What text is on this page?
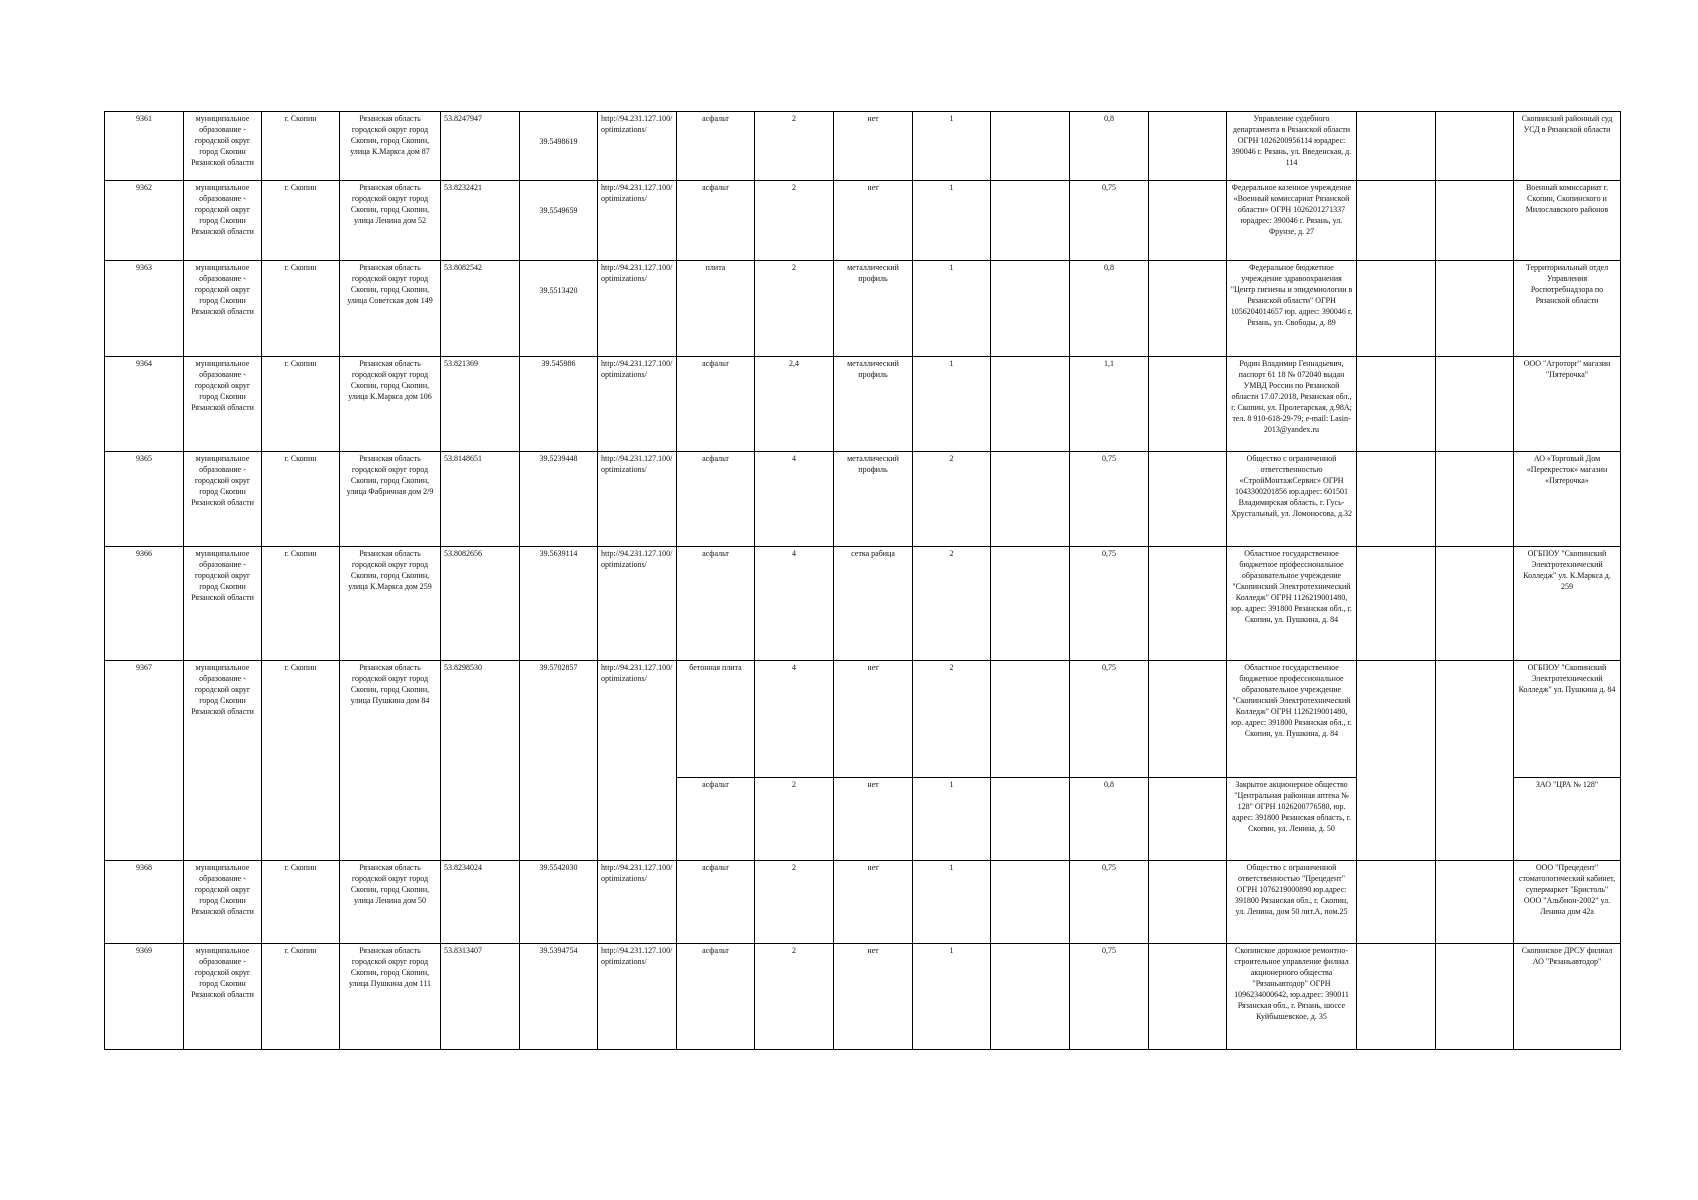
9361	муниципальное образование - городской округ город Скопин Рязанской области	г. Скопин	Рязанская область городской округ город Скопин, город Скопин, улица К.Маркса дом 87	53.8247947	39.5498619	http://94.231.127.100/optimizations/	асфальт	2	нет	1		0,8		Управление судебного департамента в Рязанской области ОГРН 1026200956114 юрадрес: 390046 г. Рязань, ул. Введенская, д. 114			Скопинский районный суд УСД в Рязанской области
9362	муниципальное образование - городской округ город Скопин Рязанской области	г. Скопин	Рязанская область городской округ город Скопин, город Скопин, улица Ленина дом 52	53.8232421	39.5549659	http://94.231.127.100/optimizations/	асфальт	2	нет	1		0,75		Федеральное казенное учреждение «Военный комиссариат Рязанской области» ОГРН 1026201271337 юрадрес: 390046 г. Рязань, ул. Фрунзе, д. 27			Военный комиссариат г. Скопин, Скопинского и Милославского районов
9363	муниципальное образование - городской округ город Скопин Рязанской области	г. Скопин	Рязанская область городской округ город Скопин, город Скопин, улица Советская дом 149	53.8082542	39.5513420	http://94.231.127.100/optimizations/	плита	2	металлический профиль	1		0,8		Федеральное бюджетное учреждение здравоохранения "Центр гигиены и эпидемиологии в Рязанской области" ОГРН 1056204014657 юр. адрес: 390046 г. Рязань, ул. Свободы, д. 89			Территориальный отдел Управления Роспотребнадзора по Рязанской области
9364	муниципальное образование - городской округ город Скопин Рязанской области	г. Скопин	Рязанская область городской округ город Скопин, город Скопин, улица К.Маркса дом 106	53.821369	39.545986	http://94.231.127.100/optimizations/	асфальт	2,4	металлический профиль	1		1,1		Родин Владимир Геннадьевич, паспорт 61 18 № 072040 выдан УМВД России по Рязанской области 17.07.2018, Рязанская обл., г. Скопин, ул. Пролетарская, д.98А; тел. 8 910-618-29-79; e-mail: Lasin-2013@yandex.ru			ООО "Агроторг" магазин "Пятерочка"
9365	муниципальное образование - городской округ город Скопин Рязанской области	г. Скопин	Рязанская область городской округ город Скопин, город Скопин, улица Фабричная дом 2/9	53.8148651	39.5239448	http://94.231.127.100/optimizations/	асфальт	4	металлический профиль	2		0,75		Общество с ограниченной ответственностью «СтройМонтажСервис» ОГРН 1043300201856 юр.адрес: 601501 Владимирская область, г. Гусь-Хрустальный, ул. Ломоносова, д.32			АО «Торговый Дом «Перекресток» магазин «Пятерочка»
9366	муниципальное образование - городской округ город Скопин Рязанской области	г. Скопин	Рязанская область городской округ город Скопин, город Скопин, улица К.Маркса дом 259	53.8082656	39.5639114	http://94.231.127.100/optimizations/	асфальт	4	сетка рабица	2		0,75		Областное государственное бюджетное профессиональное образовательное учреждение "Скопинский Электротехнический Колледж" ОГРН 1126219001480, юр. адрес: 391800 Рязанская обл., г. Скопин, ул. Пушкина, д. 84			ОГБПОУ "Скопинский Электротехнический Колледж" ул. К.Маркса д. 259
9367	муниципальное образование - городской округ город Скопин Рязанской области	г. Скопин	Рязанская область городской округ город Скопин, город Скопин, улица Пушкина дом 84	53.8298530	39.5702857	http://94.231.127.100/optimizations/	бетонная плита	4	нет	2		0,75		Областное государственное бюджетное профессиональное образовательное учреждение "Скопинский Электротехнический Колледж" ОГРН 1126219001480, юр. адрес: 391800 Рязанская обл., г. Скопин, ул. Пушкина, д. 84			ОГБПОУ "Скопинский Электротехнический Колледж" ул. Пушкина д. 84
							асфальт	2	нет	1		0,8		Закрытое акционерное общество "Центральная районная аптека № 128" ОГРН 1026200776580, юр. адрес: 391800 Рязанская область, г. Скопин, ул. Ленина, д. 50			ЗАО "ЦРА № 128"
9368	муниципальное образование - городской округ город Скопин Рязанской области	г. Скопин	Рязанская область городской округ город Скопин, город Скопин, улица Ленина дом 50	53.8234024	39.5542030	http://94.231.127.100/optimizations/	асфальт	2	нет	1		0,75		Общество с ограниченной ответственностью "Прецедент" ОГРН 1076219000890 юр.адрес: 391800 Рязанская обл., г. Скопин, ул. Ленина, дом 50 лит.А, пом.25			ООО "Прецедент" стоматологический кабинет, супермаркет "Бристоль" ООО "Альбион-2002" ул. Ленина дом 42а
9369	муниципальное образование - городской округ город Скопин Рязанской области	г. Скопин	Рязанская область городской округ город Скопин, город Скопин, улица Пушкина дом 111	53.8313407	39.5394754	http://94.231.127.100/optimizations/	асфальт	2	нет	1		0,75		Скопинское дорожное ремонтно-строительное управление филиал акционерного общества "Рязаньавтодор" ОГРН 1096234000642, юр.адрес: 390011 Рязанская обл., г. Рязань, шоссе Куйбышевское, д. 35			Скопинское ДРСУ филиал АО "Рязаньавтодор"
